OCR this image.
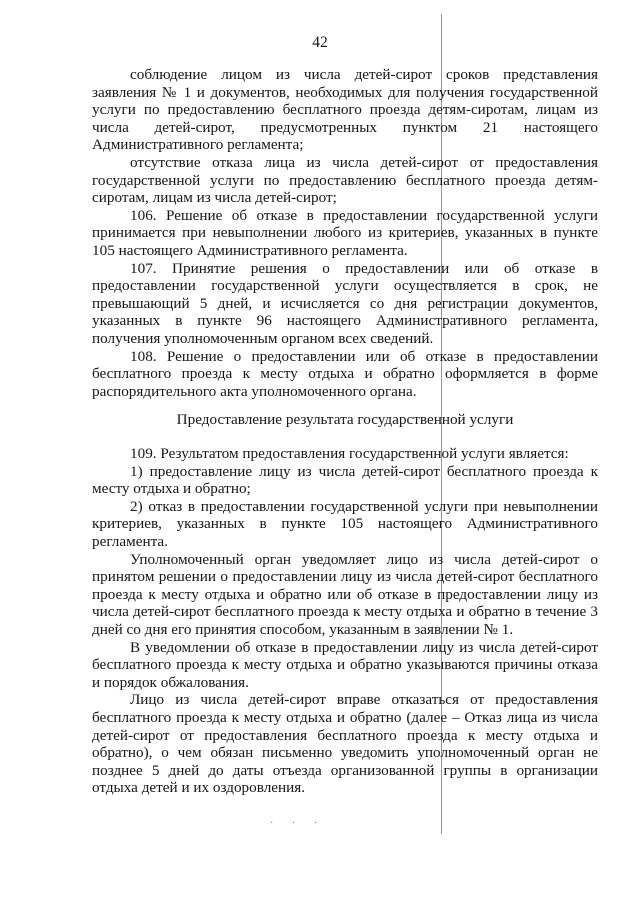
42

соблюдение лицом из числа детей-сирот сроков представления заявления № 1 и документов, необходимых для получения государственной услуги по предоставлению бесплатного проезда детям-сиротам, лицам из числа детей-сирот, предусмотренных пунктом 21 настоящего Административного регламента;

отсутствие отказа лица из числа детей-сирот от предоставления государственной услуги по предоставлению бесплатного проезда детям-сиротам, лицам из числа детей-сирот;

106. Решение об отказе в предоставлении государственной услуги принимается при невыполнении любого из критериев, указанных в пункте 105 настоящего Административного регламента.

107. Принятие решения о предоставлении или об отказе в предоставлении государственной услуги осуществляется в срок, не превышающий 5 дней, и исчисляется со дня регистрации документов, указанных в пункте 96 настоящего Административного регламента, получения уполномоченным органом всех сведений.

108. Решение о предоставлении или об отказе в предоставлении бесплатного проезда к месту отдыха и обратно оформляется в форме распорядительного акта уполномоченного органа.

Предоставление результата государственной услуги

109. Результатом предоставления государственной услуги является:

1) предоставление лицу из числа детей-сирот бесплатного проезда к месту отдыха и обратно;

2) отказ в предоставлении государственной услуги при невыполнении критериев, указанных в пункте 105 настоящего Административного регламента.

Уполномоченный орган уведомляет лицо из числа детей-сирот о принятом решении о предоставлении лицу из числа детей-сирот бесплатного проезда к месту отдыха и обратно или об отказе в предоставлении лицу из числа детей-сирот бесплатного проезда к месту отдыха и обратно в течение 3 дней со дня его принятия способом, указанным в заявлении № 1.

В уведомлении об отказе в предоставлении лицу из числа детей-сирот бесплатного проезда к месту отдыха и обратно указываются причины отказа и порядок обжалования.

Лицо из числа детей-сирот вправе отказаться от предоставления бесплатного проезда к месту отдыха и обратно (далее – Отказ лица из числа детей-сирот от предоставления бесплатного проезда к месту отдыха и обратно), о чем обязан письменно уведомить уполномоченный орган не позднее 5 дней до даты отъезда организованной группы в организации отдыха детей и их оздоровления.

· · ·
